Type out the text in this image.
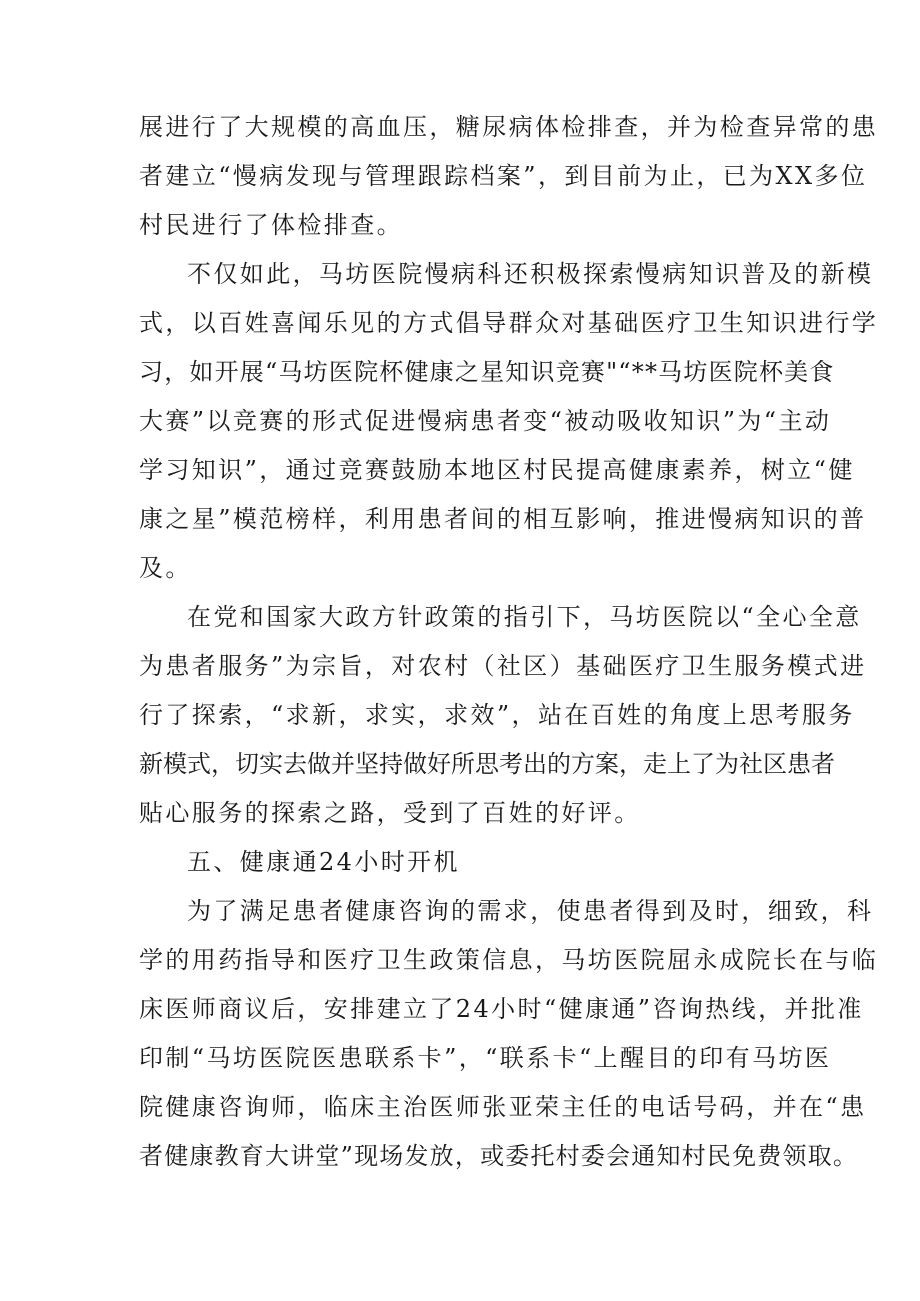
展进行了大规模的高血压，糖尿病体检排查，并为检查异常的患
者建立“慢病发现与管理跟踪档案”，到目前为止，已为XX多位
村民进行了体检排查。
不仅如此，马坊医院慢病科还积极探索慢病知识普及的新模
式，以百姓喜闻乐见的方式倡导群众对基础医疗卫生知识进行学
习，如开展“马坊医院杯健康之星知识竞赛"“**马坊医院杯美食
大赛”以竞赛的形式促进慢病患者变“被动吸收知识”为“主动
学习知识”，通过竞赛鼓励本地区村民提高健康素养，树立“健
康之星”模范榜样，利用患者间的相互影响，推进慢病知识的普
及。
在党和国家大政方针政策的指引下，马坊医院以“全心全意
为患者服务”为宗旨，对农村（社区）基础医疗卫生服务模式进
行了探索，“求新，求实，求效”，站在百姓的角度上思考服务
新模式，切实去做并坚持做好所思考出的方案，走上了为社区患者
贴心服务的探索之路，受到了百姓的好评。
五、健康通24小时开机
为了满足患者健康咨询的需求，使患者得到及时，细致，科
学的用药指导和医疗卫生政策信息，马坊医院屈永成院长在与临
床医师商议后，安排建立了24小时“健康通”咨询热线，并批准
印制“马坊医院医患联系卡”，“联系卡“上醒目的印有马坊医
院健康咨询师，临床主治医师张亚荣主任的电话号码，并在“患
者健康教育大讲堂”现场发放，或委托村委会通知村民免费领取。
